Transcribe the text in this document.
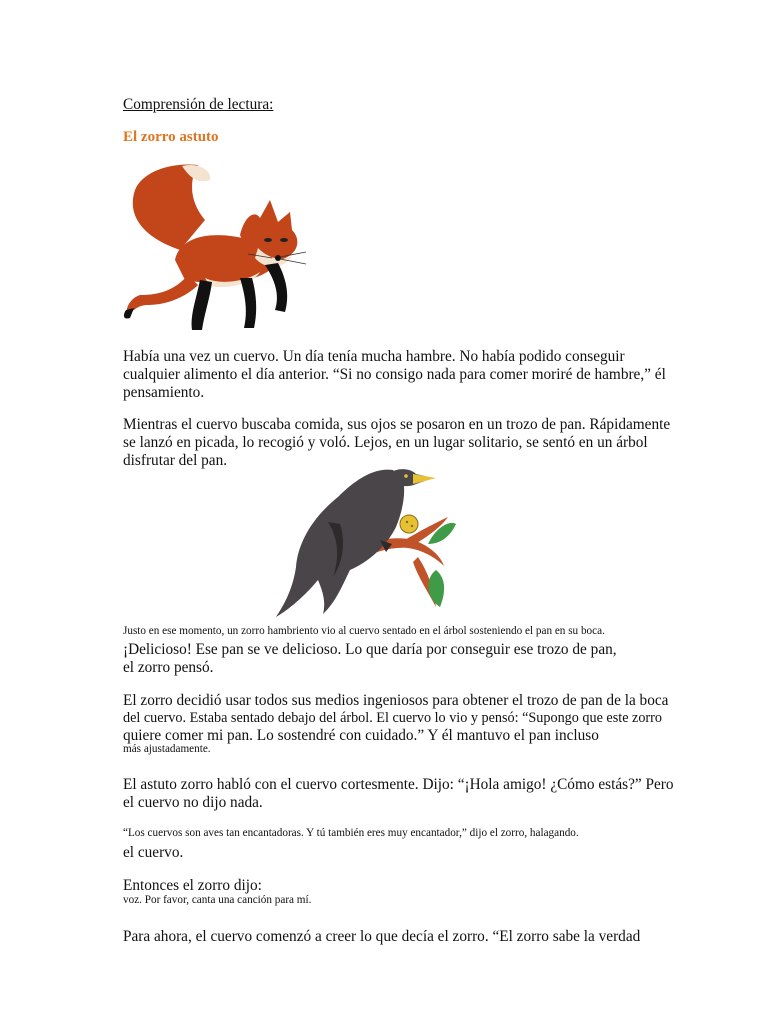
Comprensión de lectura:
El zorro astuto
Había una vez un cuervo. Un día tenía mucha hambre. No había podido conseguir
cualquier alimento el día anterior. “Si no consigo nada para comer moriré de hambre,” él
pensamiento.
Mientras el cuervo buscaba comida, sus ojos se posaron en un trozo de pan. Rápidamente
se lanzó en picada, lo recogió y voló. Lejos, en un lugar solitario, se sentó en un árbol
disfrutar del pan.
Justo en ese momento, un zorro hambriento vio al cuervo sentado en el árbol sosteniendo el pan en su boca.
¡Delicioso! Ese pan se ve delicioso. Lo que daría por conseguir ese trozo de pan,
el zorro pensó.
El zorro decidió usar todos sus medios ingeniosos para obtener el trozo de pan de la boca
del cuervo. Estaba sentado debajo del árbol. El cuervo lo vio y pensó: “Supongo que este zorro
quiere comer mi pan. Lo sostendré con cuidado.” Y él mantuvo el pan incluso
más ajustadamente.
El astuto zorro habló con el cuervo cortesmente. Dijo: “¡Hola amigo! ¿Cómo estás?” Pero
el cuervo no dijo nada.
“Los cuervos son aves tan encantadoras. Y tú también eres muy encantador,” dijo el zorro, halagando.
el cuervo.
Entonces el zorro dijo:
voz. Por favor, canta una canción para mí.
Para ahora, el cuervo comenzó a creer lo que decía el zorro. “El zorro sabe la verdad
